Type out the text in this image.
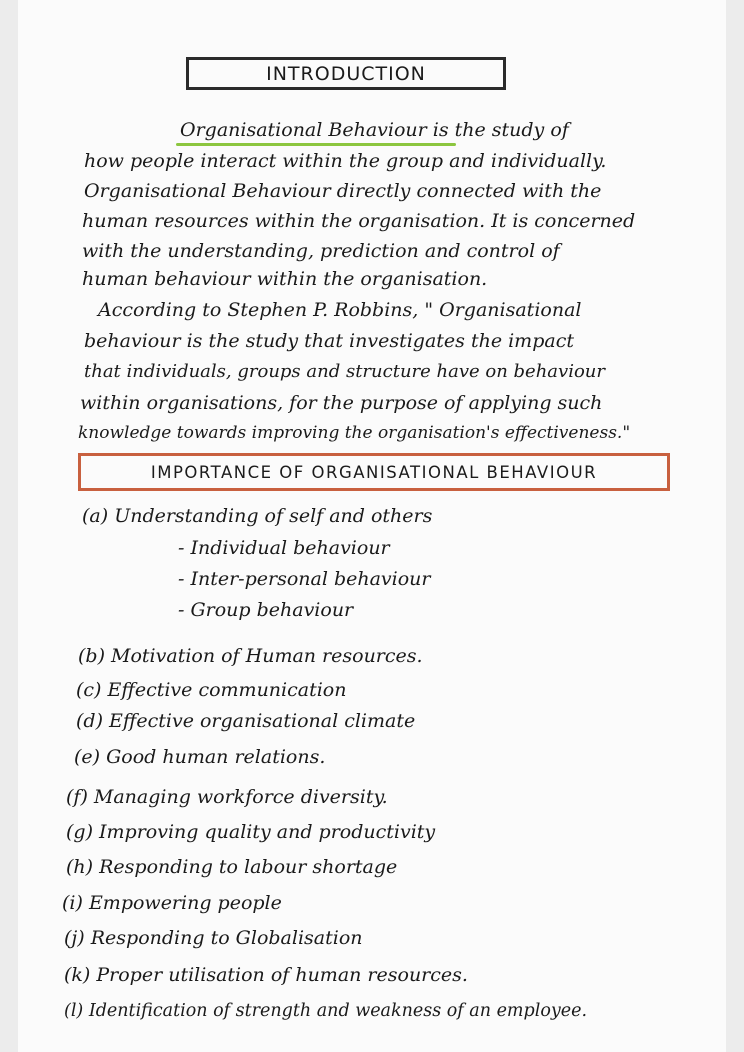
INTRODUCTION
Organisational Behaviour is the study of
how people interact within the group and individually.
Organisational Behaviour directly connected with the
human resources within the organisation. It is concerned
with the understanding, prediction and control of
human behaviour within the organisation.
According to Stephen P. Robbins, " Organisational
behaviour is the study that investigates the impact
that individuals, groups and structure have on behaviour
within organisations, for the purpose of applying such
knowledge towards improving the organisation's effectiveness."
IMPORTANCE OF ORGANISATIONAL BEHAVIOUR
(a) Understanding of self and others
- Individual behaviour
- Inter-personal behaviour
- Group behaviour
(b) Motivation of Human resources.
(c) Effective communication
(d) Effective organisational climate
(e) Good human relations.
(f) Managing workforce diversity.
(g) Improving quality and productivity
(h) Responding to labour shortage
(i) Empowering people
(j) Responding to Globalisation
(k) Proper utilisation of human resources.
(l) Identification of strength and weakness of an employee.
